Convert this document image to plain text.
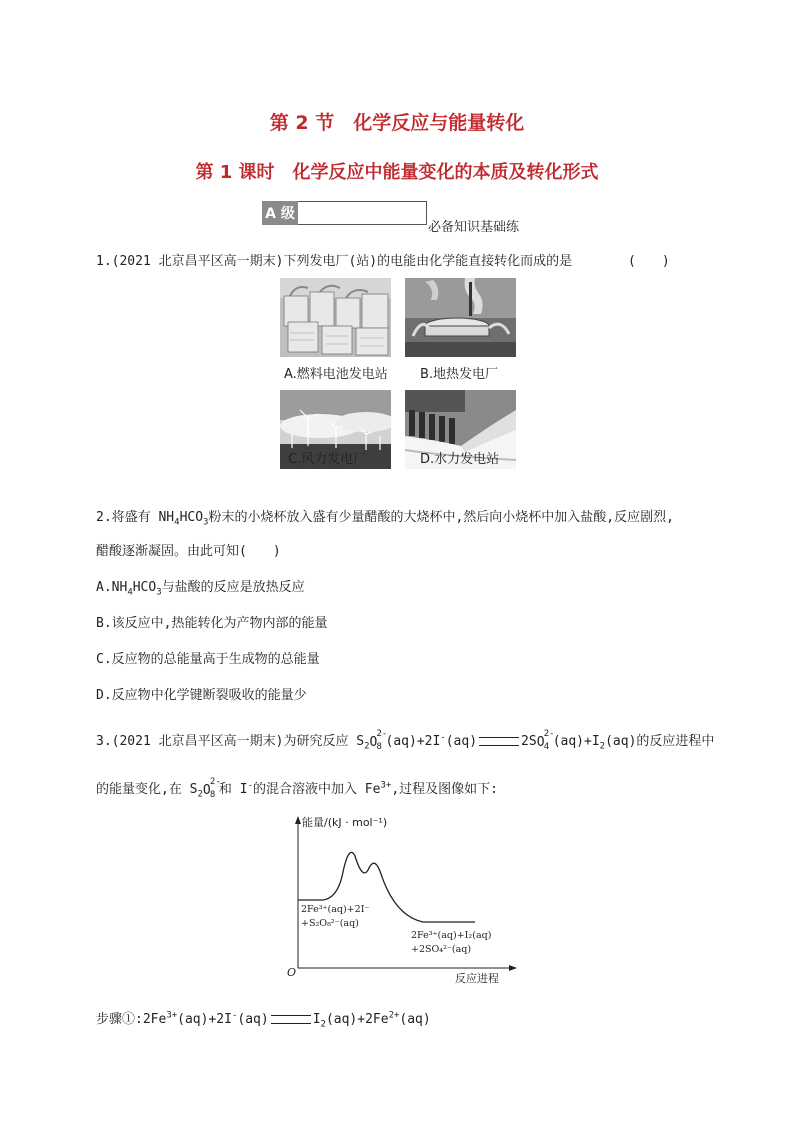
第 2 节　化学反应与能量转化
第 1 课时　化学反应中能量变化的本质及转化形式
A 级
必备知识基础练
1.(2021 北京昌平区高一期末)下列发电厂(站)的电能由化学能直接转化而成的是	(　　)
A.燃料电池发电站 B.地热发电厂
C.风力发电厂	D.水力发电站
2.将盛有 $NH_4HCO_3$粉末的小烧杯放入盛有少量醋酸的大烧杯中,然后向小烧杯中加入盐酸,反应剧烈,
醋酸逐渐凝固。由此可知(　　)
$A.NH_4HCO_3$与盐酸的反应是放热反应
B.该反应中,热能转化为产物内部的能量
C.反应物的总能量高于生成物的总能量
D.反应物中化学键断裂吸收的能量少
3.(2021 北京昌平区高一期末)为研究反应 $S_2O$
2-
8 (aq)+2I-(aq)	2SO
2-
4 $(aq)+I_2(aq)$的反应进程中
的能量变化,在 $S_2O$
2-
8 和 I-的混合溶液中加入 $Fe^{3+}$,过程及图像如下:
能量/(kJ · mol⁻¹)
反应进程
O
2Fe³⁺(aq)+2I⁻
+S₂O₈²⁻(aq)
2Fe³⁺(aq)+I₂(aq)
+2SO₄²⁻(aq)
步骤$①:2Fe^{3+}(aq)+2I^-(aq)$	$I_2(aq)+2Fe^{2+}(aq)$
